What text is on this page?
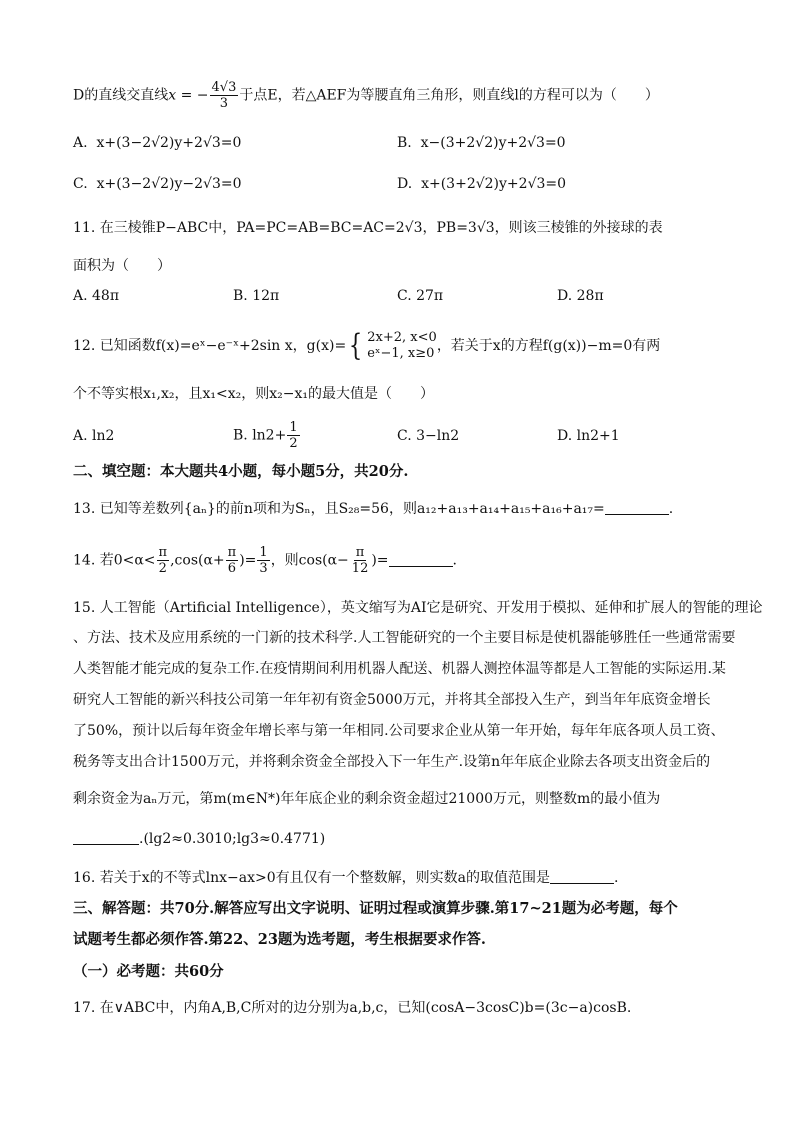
D的直线交直线x = − $\frac{4√3}{3}$ 于点E，若△AEF为等腰直角三角形，则直线l的方程可以为（　　）
A. x+(3−2√2)y+2√3=0	B. x−(3+2√2)y+2√3=0
C. x+(3−2√2)y−2√3=0	D. x+(3+2√2)y+2√3=0
11. 在三棱锥P−ABC中，PA=PC=AB=BC=AC=2√3，PB=3√3，则该三棱锥的外接球的表
面积为（　　）
A. 48π	B. 12π	C. 27π	D. 28π
12. 已知函数f(x)=eˣ−e⁻ˣ+2sin x，g(x)= { 2x+2, x<0
eˣ−1, x≥0 ，若关于x的方程f(g(x))−m=0有两
个不等实根x₁,x₂，且x₁<x₂，则x₂−x₁的最大值是（　　）
A. ln2	B. $\ln 2+ \frac{1}{2}$	C. 3−ln2	D. ln2+1
二、填空题：本大题共4小题，每小题5分，共20分.
13. 已知等差数列{aₙ}的前n项和为Sₙ，且S₂₈=56，则a₁₂+a₁₃+a₁₄+a₁₅+a₁₆+a₁₇=	.
14. 若$0<\alpha< \frac{\pi}{2} ,\cos(\alpha+ \frac{\pi}{6}$ )= $\frac{1}{3}$ ，则$\cos(\alpha- \frac{\pi}{12}$ )=	.
15. 人工智能（Artificial Intelligence），英文缩写为AI它是研究、开发用于模拟、延伸和扩展人的智能的理论
、方法、技术及应用系统的一门新的技术科学.人工智能研究的一个主要目标是使机器能够胜任一些通常需要
人类智能才能完成的复杂工作.在疫情期间利用机器人配送、机器人测控体温等都是人工智能的实际运用.某
研究人工智能的新兴科技公司第一年年初有资金5000万元，并将其全部投入生产，到当年年底资金增长
了50%，预计以后每年资金年增长率与第一年相同.公司要求企业从第一年开始，每年年底各项人员工资、
税务等支出合计1500万元，并将剩余资金全部投入下一年生产.设第n年年底企业除去各项支出资金后的
剩余资金为aₙ万元，第m(m∈N*)年年底企业的剩余资金超过21000万元，则整数m的最小值为
.(lg2≈0.3010;lg3≈0.4771)
16. 若关于x的不等式lnx−ax>0有且仅有一个整数解，则实数a的取值范围是	.
三、解答题：共70分.解答应写出文字说明、证明过程或演算步骤.第17~21题为必考题，每个
试题考生都必须作答.第22、23题为选考题，考生根据要求作答.
（一）必考题：共60分
17. 在∨ABC中，内角A,B,C所对的边分别为a,b,c，已知(cosA−3cosC)b=(3c−a)cosB.
